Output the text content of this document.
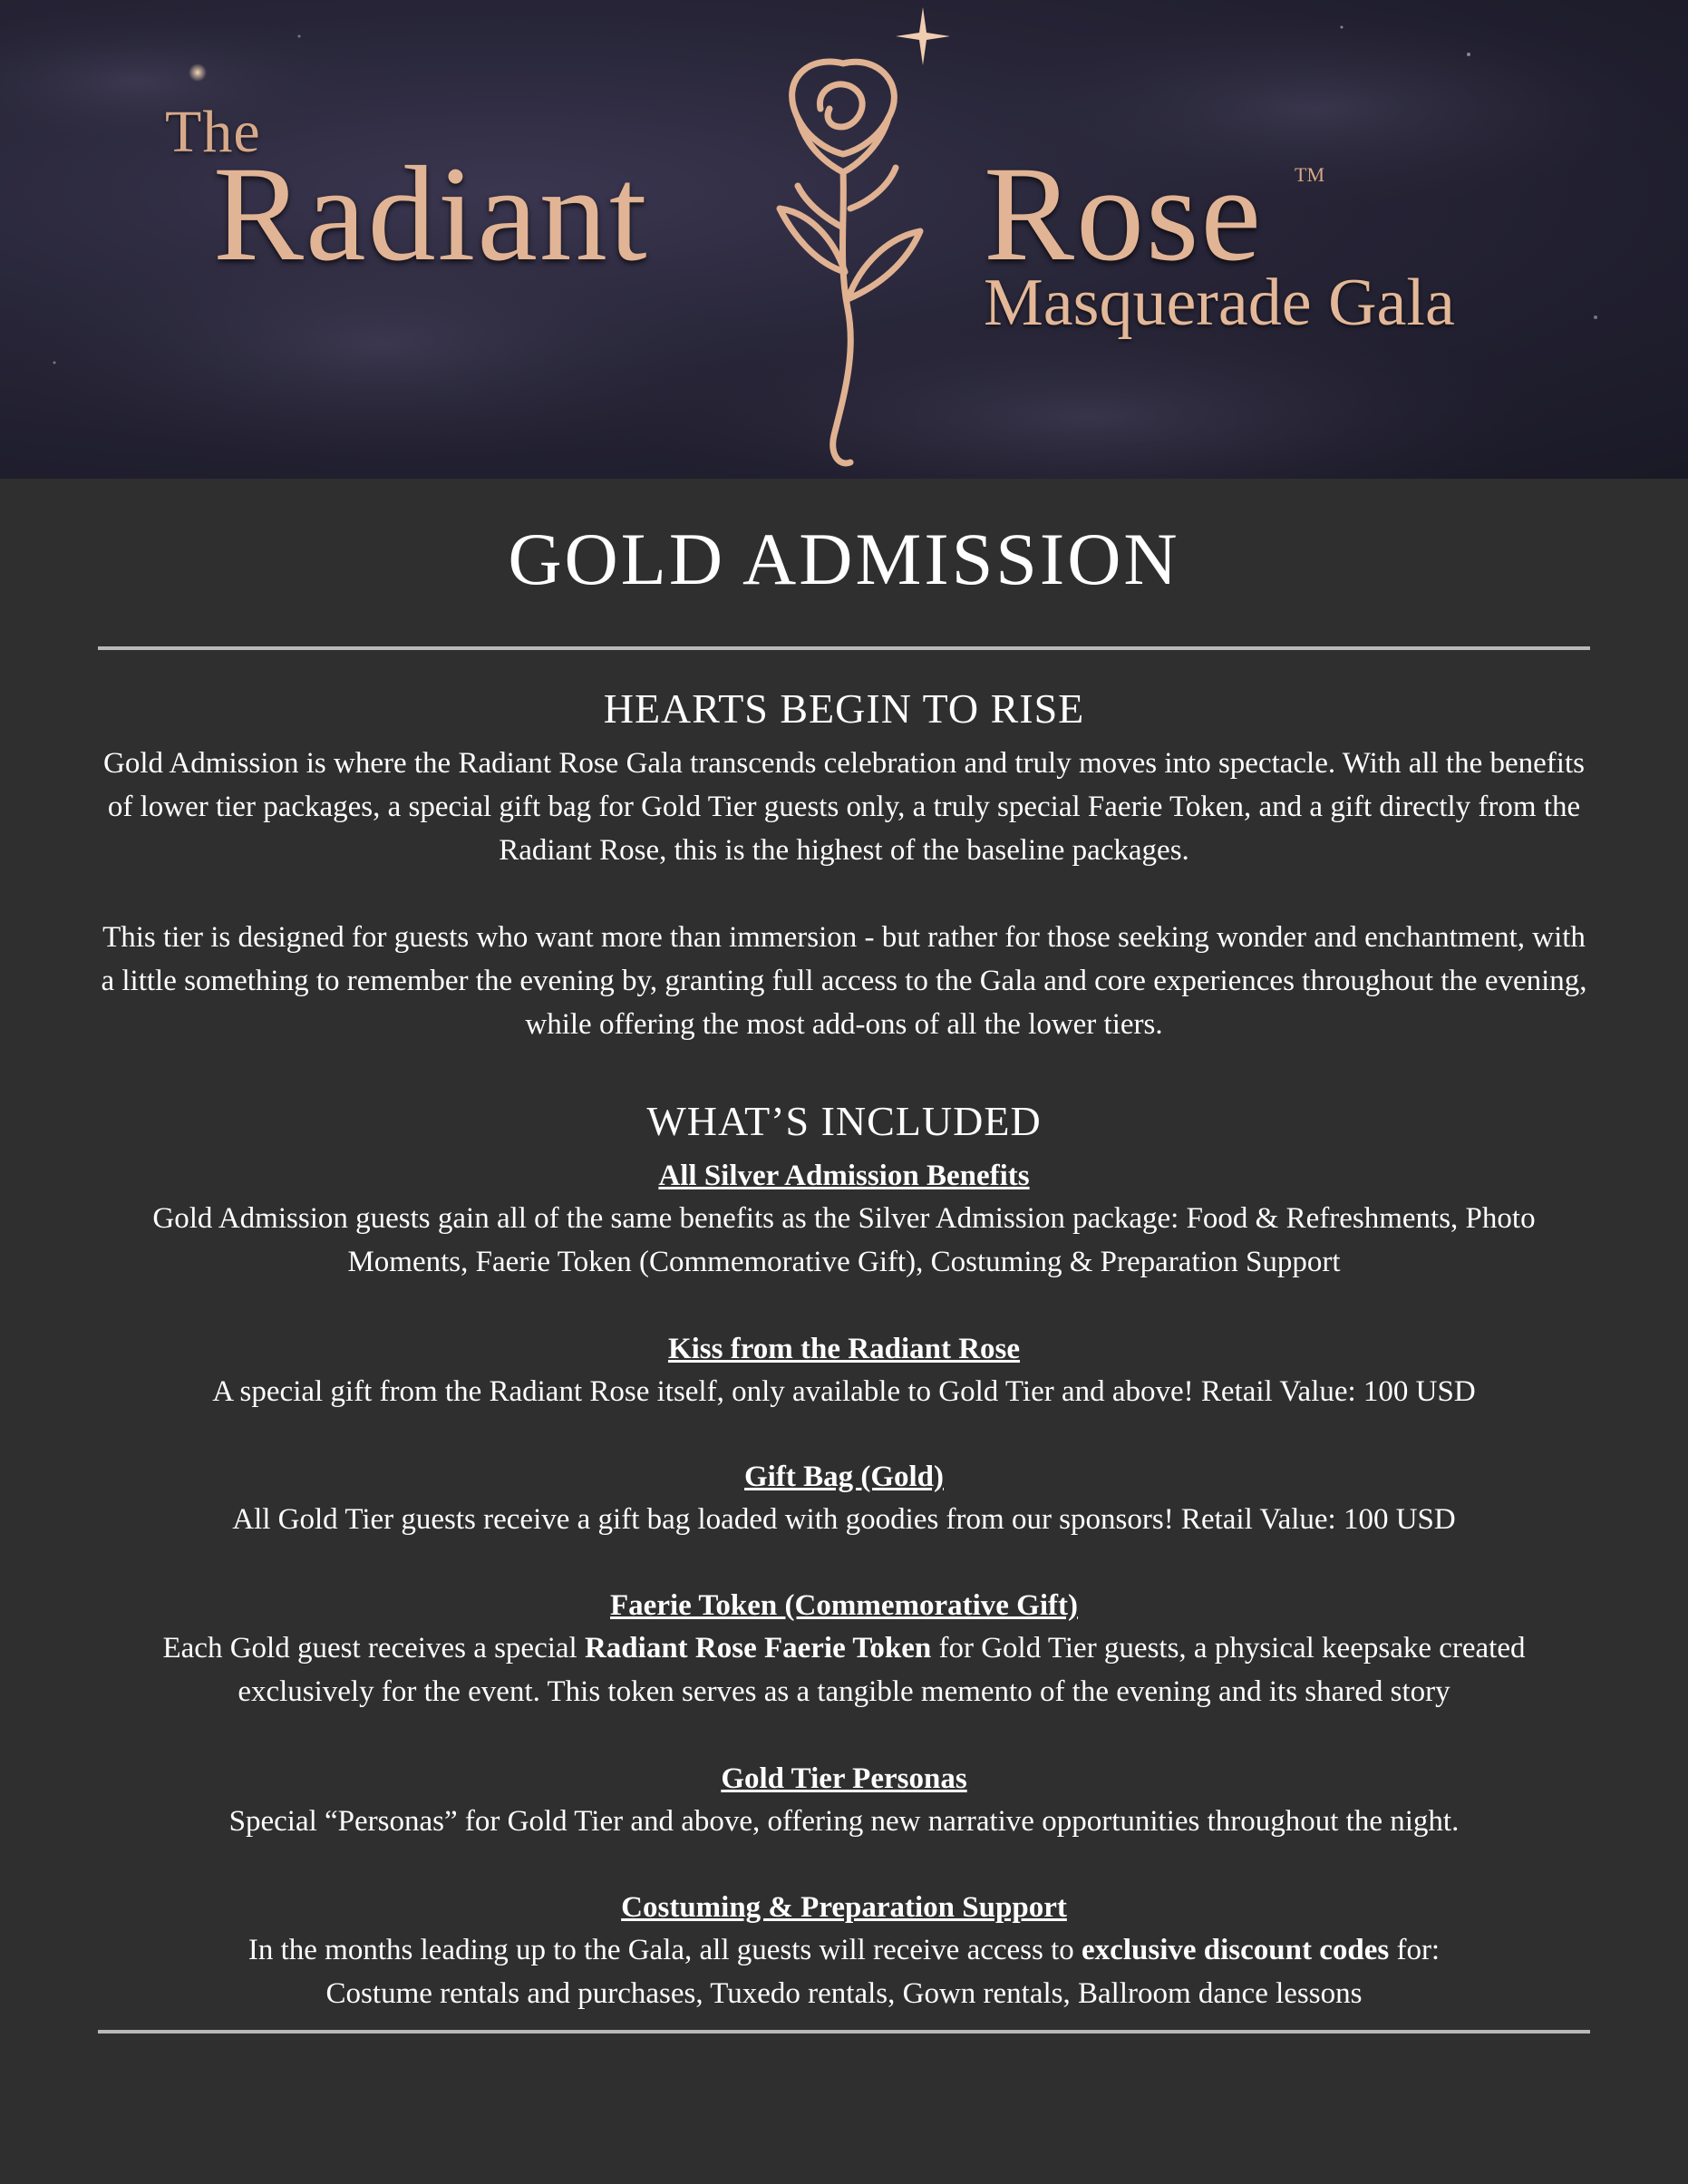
The
Radiant Rose TM
Masquerade Gala
GOLD ADMISSION
HEARTS BEGIN TO RISE
Gold Admission is where the Radiant Rose Gala transcends celebration and truly moves into spectacle. With all the benefits of lower tier packages, a special gift bag for Gold Tier guests only, a truly special Faerie Token, and a gift directly from the Radiant Rose, this is the highest of the baseline packages.
This tier is designed for guests who want more than immersion - but rather for those seeking wonder and enchantment, with a little something to remember the evening by, granting full access to the Gala and core experiences throughout the evening, while offering the most add-ons of all the lower tiers.
WHAT’S INCLUDED
All Silver Admission Benefits
Gold Admission guests gain all of the same benefits as the Silver Admission package: Food & Refreshments, Photo Moments, Faerie Token (Commemorative Gift), Costuming & Preparation Support
Kiss from the Radiant Rose
A special gift from the Radiant Rose itself, only available to Gold Tier and above! Retail Value: 100 USD
Gift Bag (Gold)
All Gold Tier guests receive a gift bag loaded with goodies from our sponsors! Retail Value: 100 USD
Faerie Token (Commemorative Gift)
Each Gold guest receives a special Radiant Rose Faerie Token for Gold Tier guests, a physical keepsake created exclusively for the event. This token serves as a tangible memento of the evening and its shared story
Gold Tier Personas
Special “Personas” for Gold Tier and above, offering new narrative opportunities throughout the night.
Costuming & Preparation Support
In the months leading up to the Gala, all guests will receive access to exclusive discount codes for:
Costume rentals and purchases, Tuxedo rentals, Gown rentals, Ballroom dance lessons
